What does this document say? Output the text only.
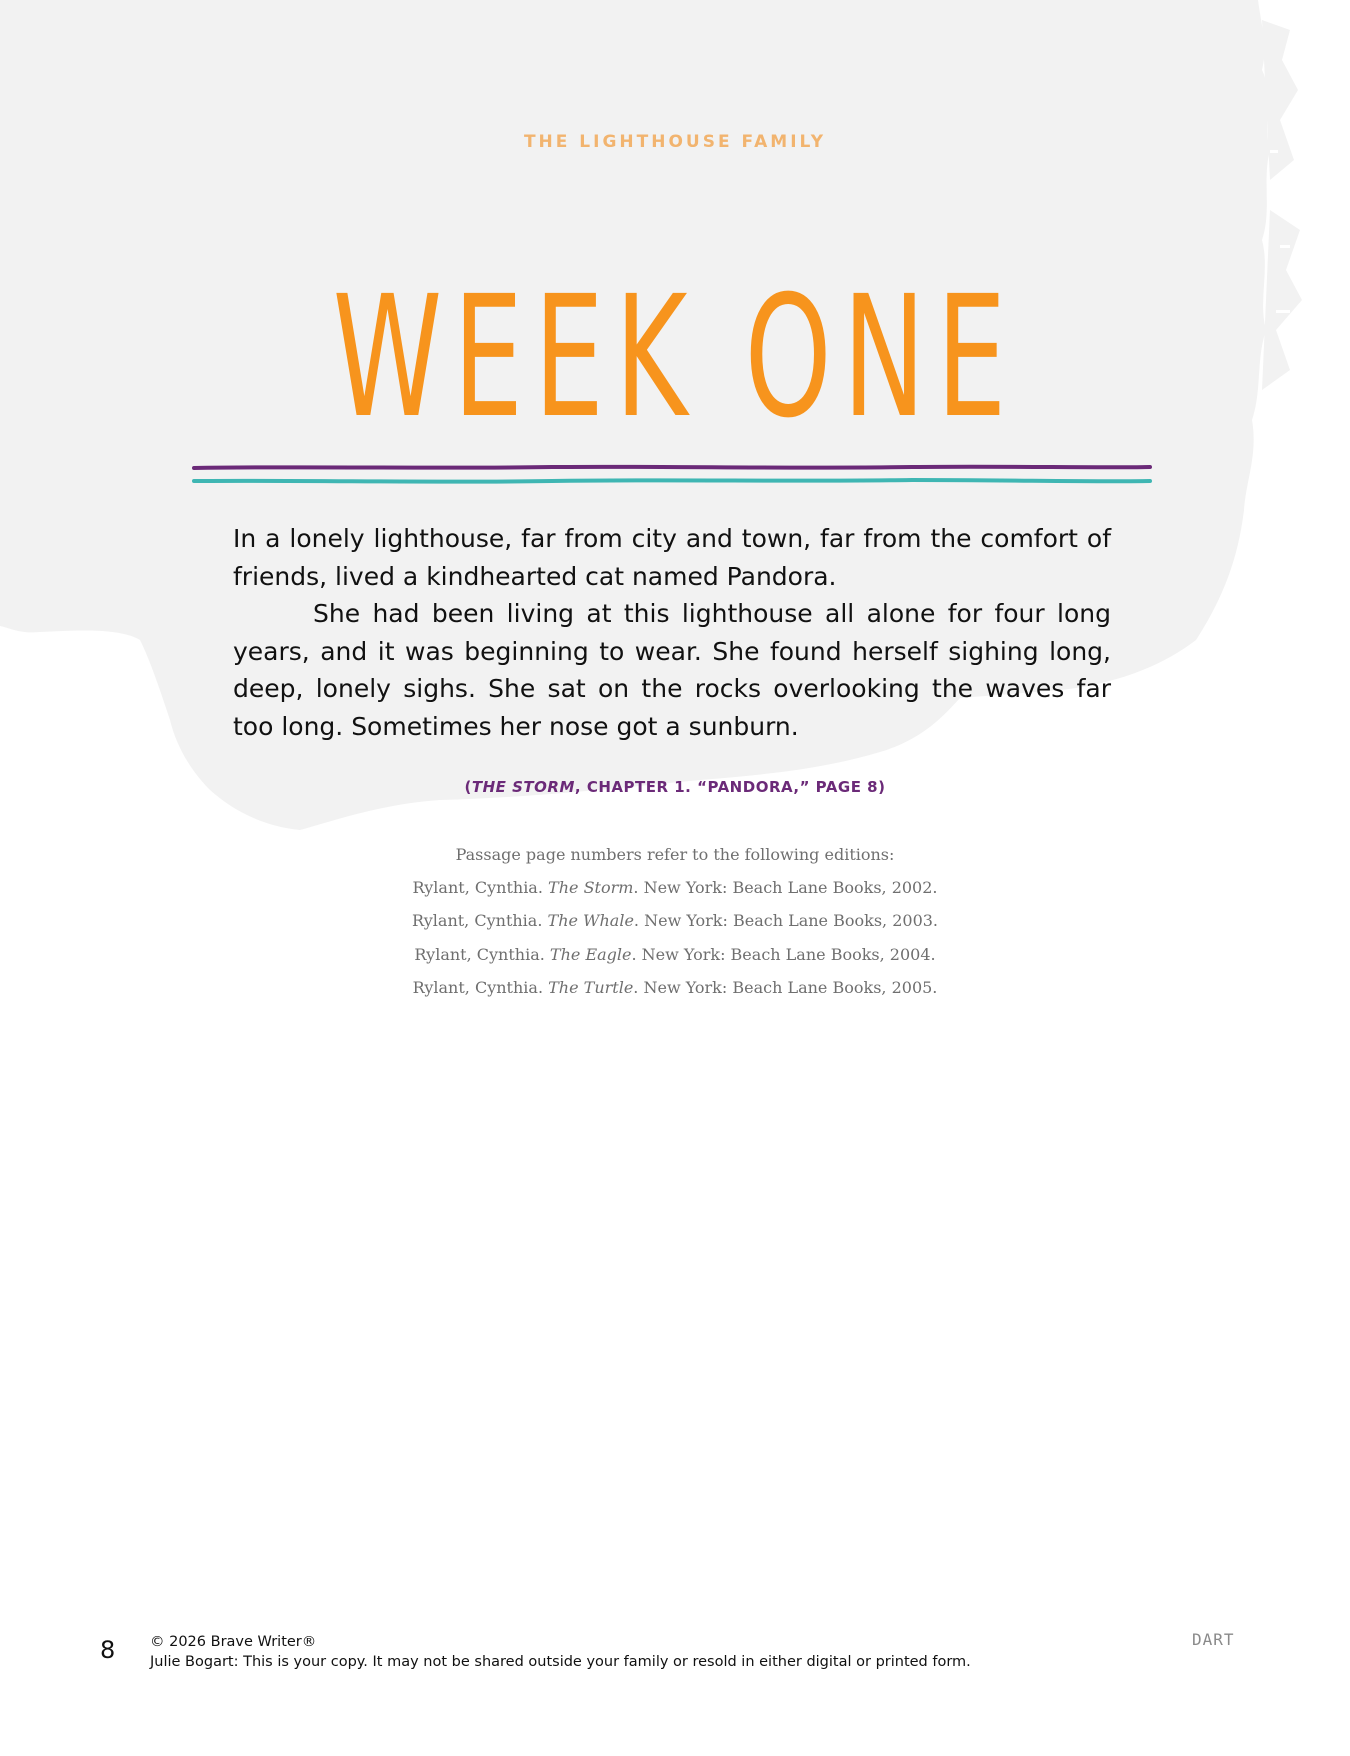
THE LIGHTHOUSE FAMILY
WEEK ONE

In a lonely lighthouse, far from city and town, far from the comfort of friends, lived a kindhearted cat named Pandora.

She had been living at this lighthouse all alone for four long years, and it was beginning to wear. She found herself sighing long, deep, lonely sighs. She sat on the rocks overlooking the waves far too long. Sometimes her nose got a sunburn.

(THE STORM, CHAPTER 1. “PANDORA,” PAGE 8)
Passage page numbers refer to the following editions:
Rylant, Cynthia. The Storm. New York: Beach Lane Books, 2002.
Rylant, Cynthia. The Whale. New York: Beach Lane Books, 2003.
Rylant, Cynthia. The Eagle. New York: Beach Lane Books, 2004.
Rylant, Cynthia. The Turtle. New York: Beach Lane Books, 2005.
8 © 2026 Brave Writer®
Julie Bogart: This is your copy. It may not be shared outside your family or resold in either digital or printed form.
DART
